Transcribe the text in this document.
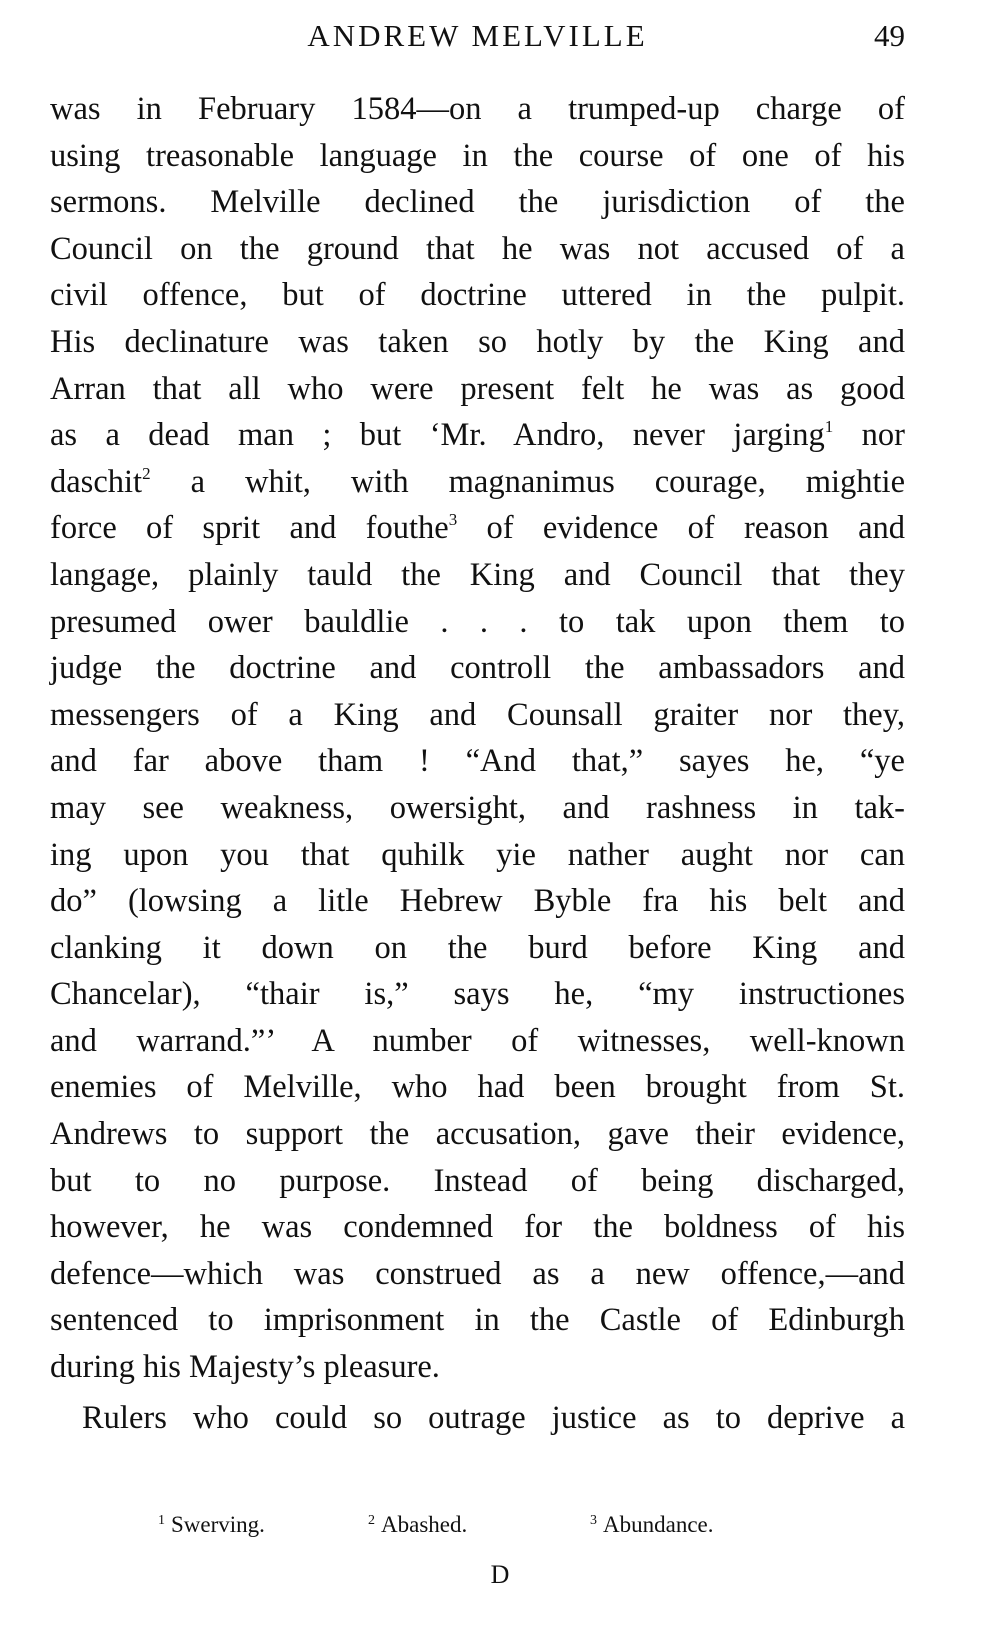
ANDREW MELVILLE	49
was in February 1584—on a trumped-up charge of
using treasonable language in the course of one of his
sermons. Melville declined the jurisdiction of the
Council on the ground that he was not accused of a
civil offence, but of doctrine uttered in the pulpit.
His declinature was taken so hotly by the King and
Arran that all who were present felt he was as good
as a dead man ; but ‘Mr. Andro, never jarging$^1$ nor
daschit$^2$ a whit, with magnanimus courage, mightie
force of sprit and fouthe$^3$ of evidence of reason and
langage, plainly tauld the King and Council that they
presumed ower bauldlie . . . to tak upon them to
judge the doctrine and controll the ambassadors and
messengers of a King and Counsall graiter nor they,
and far above tham ! “And that,” sayes he, “ye
may see weakness, owersight, and rashness in tak-
ing upon you that quhilk yie nather aught nor can
do” (lowsing a litle Hebrew Byble fra his belt and
clanking it down on the burd before King and
Chancelar), “thair is,” says he, “my instructiones
and warrand.”’ A number of witnesses, well-known
enemies of Melville, who had been brought from St.
Andrews to support the accusation, gave their evidence,
but to no purpose. Instead of being discharged,
however, he was condemned for the boldness of his
defence—which was construed as a new offence,—and
sentenced to imprisonment in the Castle of Edinburgh
during his Majesty’s pleasure.
Rulers who could so outrage justice as to deprive a
$^1$ Swerving.	$^2$ Abashed.	$^3$ Abundance.
D
